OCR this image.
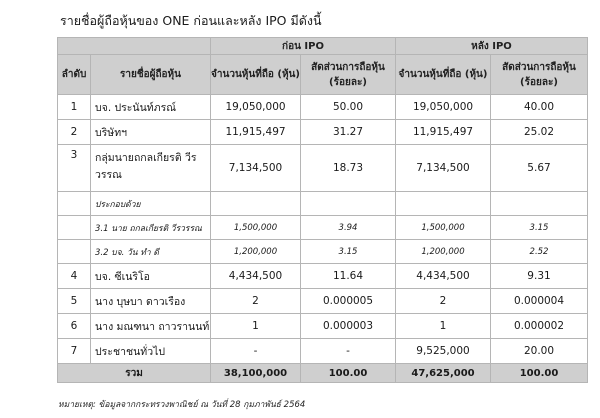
รายชื่อผู้ถือหุ้นของ ONE ก่อนและหลัง IPO มีดังนี้
		ก่อน IPO		หลัง IPO	
ลำดับ	รายชื่อผู้ถือหุ้น	จำนวนหุ้นที่ถือ (หุ้น)	สัดส่วนการถือหุ้น (ร้อยละ)	จำนวนหุ้นที่ถือ (หุ้น)	สัดส่วนการถือหุ้น (ร้อยละ)
1	บจ. ประนันท์ภรณ์	19,050,000	50.00	19,050,000	40.00
2	บริษัทฯ	11,915,497	31.27	11,915,497	25.02
3	กลุ่มนายถกลเกียรติ วีรวรรณ	7,134,500	18.73	7,134,500	5.67
	ประกอบด้วย				
	3.1 นาย ถกลเกียรติ วีรวรรณ	1,500,000	3.94	1,500,000	3.15
	3.2 บจ. วัน ทำ ดี	1,200,000	3.15	1,200,000	2.52
4	บจ. ซีเนริโอ	4,434,500	11.64	4,434,500	9.31
5	นาง บุษบา ดาวเรือง	2	0.000005	2	0.000004
6	นาง มณฑนา ถาวรานนท์	1	0.000003	1	0.000002
7	ประชาชนทั่วไป	-	-	9,525,000	20.00
รวม		38,100,000	100.00	47,625,000	100.00
หมายเหตุ: ข้อมูลจากกระทรวงพาณิชย์ ณ วันที่ 28 กุมภาพันธ์ 2564
